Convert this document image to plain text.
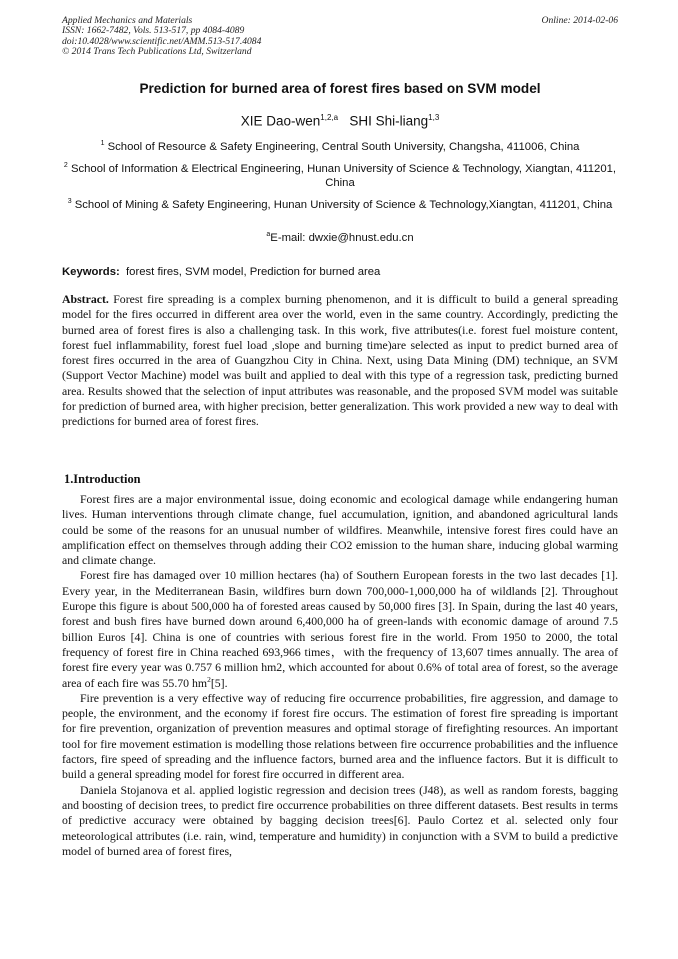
Applied Mechanics and Materials
ISSN: 1662-7482, Vols. 513-517, pp 4084-4089
doi:10.4028/www.scientific.net/AMM.513-517.4084
© 2014 Trans Tech Publications Ltd, Switzerland
Online: 2014-02-06
Prediction for burned area of forest fires based on SVM model
XIE Dao-wen$^{1,2,a}$ SHI Shi-liang$^{1,3}$
$^1$ School of Resource & Safety Engineering, Central South University, Changsha, 411006, China
$^2$ School of Information & Electrical Engineering, Hunan University of Science & Technology, Xiangtan, 411201, China
$^3$ School of Mining & Safety Engineering, Hunan University of Science & Technology,Xiangtan, 411201, China
$^a$E-mail: dwxie@hnust.edu.cn
Keywords: forest fires, SVM model, Prediction for burned area
Abstract. Forest fire spreading is a complex burning phenomenon, and it is difficult to build a general spreading model for the fires occurred in different area over the world, even in the same country. Accordingly, predicting the burned area of forest fires is also a challenging task. In this work, five attributes(i.e. forest fuel moisture content, forest fuel inflammability, forest fuel load ,slope and burning time)are selected as input to predict burned area of forest fires occurred in the area of Guangzhou City in China. Next, using Data Mining (DM) technique, an SVM (Support Vector Machine) model was built and applied to deal with this type of a regression task, predicting burned area. Results showed that the selection of input attributes was reasonable, and the proposed SVM model was suitable for prediction of burned area, with higher precision, better generalization. This work provided a new way to deal with predictions for burned area of forest fires.
1.Introduction

Forest fires are a major environmental issue, doing economic and ecological damage while endangering human lives. Human interventions through climate change, fuel accumulation, ignition, and abandoned agricultural lands could be some of the reasons for an unusual number of wildfires. Meanwhile, intensive forest fires could have an amplification effect on themselves through adding their CO2 emission to the human share, inducing global warming and climate change.

Forest fire has damaged over 10 million hectares (ha) of Southern European forests in the two last decades [1]. Every year, in the Mediterranean Basin, wildfires burn down 700,000-1,000,000 ha of wildlands [2]. Throughout Europe this figure is about 500,000 ha of forested areas caused by 50,000 fires [3]. In Spain, during the last 40 years, forest and bush fires have burned down around 6,400,000 ha of green-lands with economic damage of around 7.5 billion Euros [4]. China is one of countries with serious forest fire in the world. From 1950 to 2000, the total frequency of forest fire in China reached 693,966 times，with the frequency of 13,607 times annually. The area of forest fire every year was 0.757 6 million hm2, which accounted for about 0.6% of total area of forest, so the average area of each fire was 55.70 $hm^2[5]$.

Fire prevention is a very effective way of reducing fire occurrence probabilities, fire aggression, and damage to people, the environment, and the economy if forest fire occurs. The estimation of forest fire spreading is important for fire prevention, organization of prevention measures and optimal storage of firefighting resources. An important tool for fire movement estimation is modelling those relations between fire occurrence probabilities and the influence factors, fire speed of spreading and the influence factors, burned area and the influence factors. But it is difficult to build a general spreading model for forest fire occurred in different area.

Daniela Stojanova et al. applied logistic regression and decision trees (J48), as well as random forests, bagging and boosting of decision trees, to predict fire occurrence probabilities on three different datasets. Best results in terms of predictive accuracy were obtained by bagging decision trees[6]. Paulo Cortez et al. selected only four meteorological attributes (i.e. rain, wind, temperature and humidity) in conjunction with a SVM to build a predictive model of burned area of forest fires,
